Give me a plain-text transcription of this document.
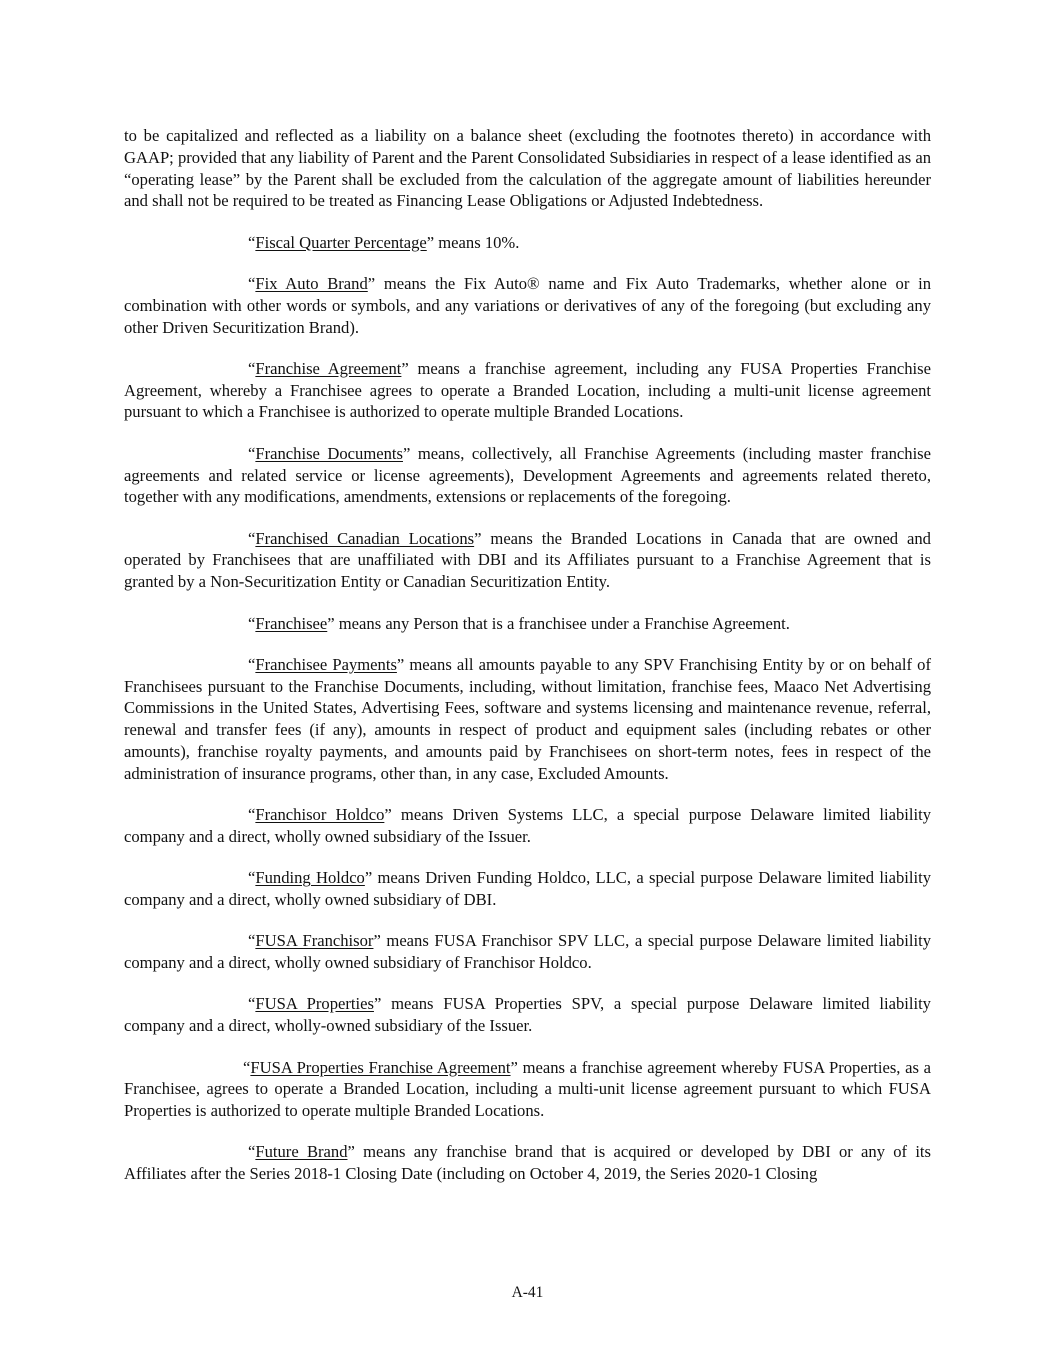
to be capitalized and reflected as a liability on a balance sheet (excluding the footnotes thereto) in accordance with GAAP; provided that any liability of Parent and the Parent Consolidated Subsidiaries in respect of a lease identified as an “operating lease” by the Parent shall be excluded from the calculation of the aggregate amount of liabilities hereunder and shall not be required to be treated as Financing Lease Obligations or Adjusted Indebtedness.

“Fiscal Quarter Percentage” means 10%.

“Fix Auto Brand” means the Fix Auto® name and Fix Auto Trademarks, whether alone or in combination with other words or symbols, and any variations or derivatives of any of the foregoing (but excluding any other Driven Securitization Brand).

“Franchise Agreement” means a franchise agreement, including any FUSA Properties Franchise Agreement, whereby a Franchisee agrees to operate a Branded Location, including a multi-unit license agreement pursuant to which a Franchisee is authorized to operate multiple Branded Locations.

“Franchise Documents” means, collectively, all Franchise Agreements (including master franchise agreements and related service or license agreements), Development Agreements and agreements related thereto, together with any modifications, amendments, extensions or replacements of the foregoing.

“Franchised Canadian Locations” means the Branded Locations in Canada that are owned and operated by Franchisees that are unaffiliated with DBI and its Affiliates pursuant to a Franchise Agreement that is granted by a Non-Securitization Entity or Canadian Securitization Entity.

“Franchisee” means any Person that is a franchisee under a Franchise Agreement.

“Franchisee Payments” means all amounts payable to any SPV Franchising Entity by or on behalf of Franchisees pursuant to the Franchise Documents, including, without limitation, franchise fees, Maaco Net Advertising Commissions in the United States, Advertising Fees, software and systems licensing and maintenance revenue, referral, renewal and transfer fees (if any), amounts in respect of product and equipment sales (including rebates or other amounts), franchise royalty payments, and amounts paid by Franchisees on short-term notes, fees in respect of the administration of insurance programs, other than, in any case, Excluded Amounts.

“Franchisor Holdco” means Driven Systems LLC, a special purpose Delaware limited liability company and a direct, wholly owned subsidiary of the Issuer.

“Funding Holdco” means Driven Funding Holdco, LLC, a special purpose Delaware limited liability company and a direct, wholly owned subsidiary of DBI.

“FUSA Franchisor” means FUSA Franchisor SPV LLC, a special purpose Delaware limited liability company and a direct, wholly owned subsidiary of Franchisor Holdco.

“FUSA Properties” means FUSA Properties SPV, a special purpose Delaware limited liability company and a direct, wholly-owned subsidiary of the Issuer.

“FUSA Properties Franchise Agreement” means a franchise agreement whereby FUSA Properties, as a Franchisee, agrees to operate a Branded Location, including a multi-unit license agreement pursuant to which FUSA Properties is authorized to operate multiple Branded Locations.

“Future Brand” means any franchise brand that is acquired or developed by DBI or any of its Affiliates after the Series 2018-1 Closing Date (including on October 4, 2019, the Series 2020-1 Closing

A-41
